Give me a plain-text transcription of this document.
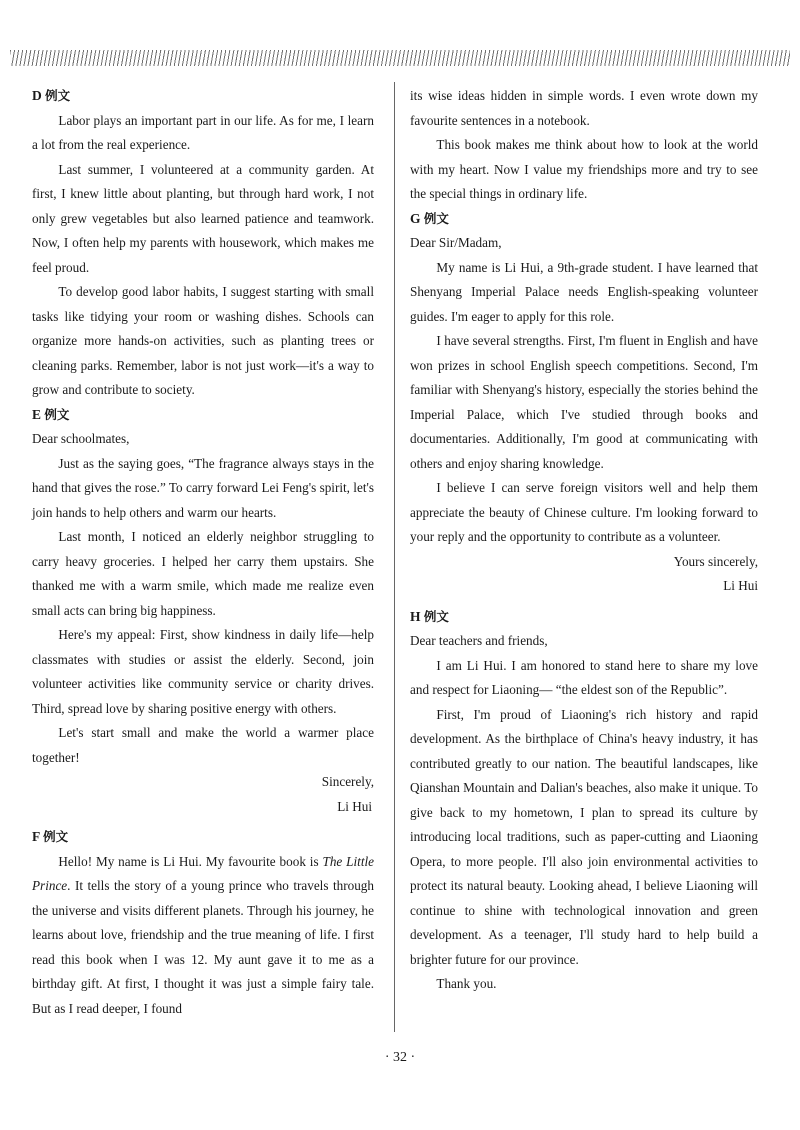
D 例文

Labor plays an important part in our life. As for me, I learn a lot from the real experience.

Last summer, I volunteered at a community garden. At first, I knew little about planting, but through hard work, I not only grew vegetables but also learned patience and teamwork. Now, I often help my parents with housework, which makes me feel proud.

To develop good labor habits, I suggest starting with small tasks like tidying your room or washing dishes. Schools can organize more hands-on activities, such as planting trees or cleaning parks. Remember, labor is not just work—it's a way to grow and contribute to society.

E 例文

Dear schoolmates,

Just as the saying goes, “The fragrance always stays in the hand that gives the rose.” To carry forward Lei Feng's spirit, let's join hands to help others and warm our hearts.

Last month, I noticed an elderly neighbor struggling to carry heavy groceries. I helped her carry them upstairs. She thanked me with a warm smile, which made me realize even small acts can bring big happiness.

Here's my appeal: First, show kindness in daily life—help classmates with studies or assist the elderly. Second, join volunteer activities like community service or charity drives. Third, spread love by sharing positive energy with others.

Let's start small and make the world a warmer place together!

Sincerely,

Li Hui

F 例文

Hello! My name is Li Hui. My favourite book is The Little Prince. It tells the story of a young prince who travels through the universe and visits different planets. Through his journey, he learns about love, friendship and the true meaning of life. I first read this book when I was 12. My aunt gave it to me as a birthday gift. At first, I thought it was just a simple fairy tale. But as I read deeper, I found

its wise ideas hidden in simple words. I even wrote down my favourite sentences in a notebook.

This book makes me think about how to look at the world with my heart. Now I value my friendships more and try to see the special things in ordinary life.

G 例文

Dear Sir/Madam,

My name is Li Hui, a 9th-grade student. I have learned that Shenyang Imperial Palace needs English-speaking volunteer guides. I'm eager to apply for this role.

I have several strengths. First, I'm fluent in English and have won prizes in school English speech competitions. Second, I'm familiar with Shenyang's history, especially the stories behind the Imperial Palace, which I've studied through books and documentaries. Additionally, I'm good at communicating with others and enjoy sharing knowledge.

I believe I can serve foreign visitors well and help them appreciate the beauty of Chinese culture. I'm looking forward to your reply and the opportunity to contribute as a volunteer.

Yours sincerely,

Li Hui

H 例文

Dear teachers and friends,

I am Li Hui. I am honored to stand here to share my love and respect for Liaoning— “the eldest son of the Republic”.

First, I'm proud of Liaoning's rich history and rapid development. As the birthplace of China's heavy industry, it has contributed greatly to our nation. The beautiful landscapes, like Qianshan Mountain and Dalian's beaches, also make it unique. To give back to my hometown, I plan to spread its culture by introducing local traditions, such as paper-cutting and Liaoning Opera, to more people. I'll also join environmental activities to protect its natural beauty. Looking ahead, I believe Liaoning will continue to shine with technological innovation and green development. As a teenager, I'll study hard to help build a brighter future for our province.

Thank you.

· 32 ·
